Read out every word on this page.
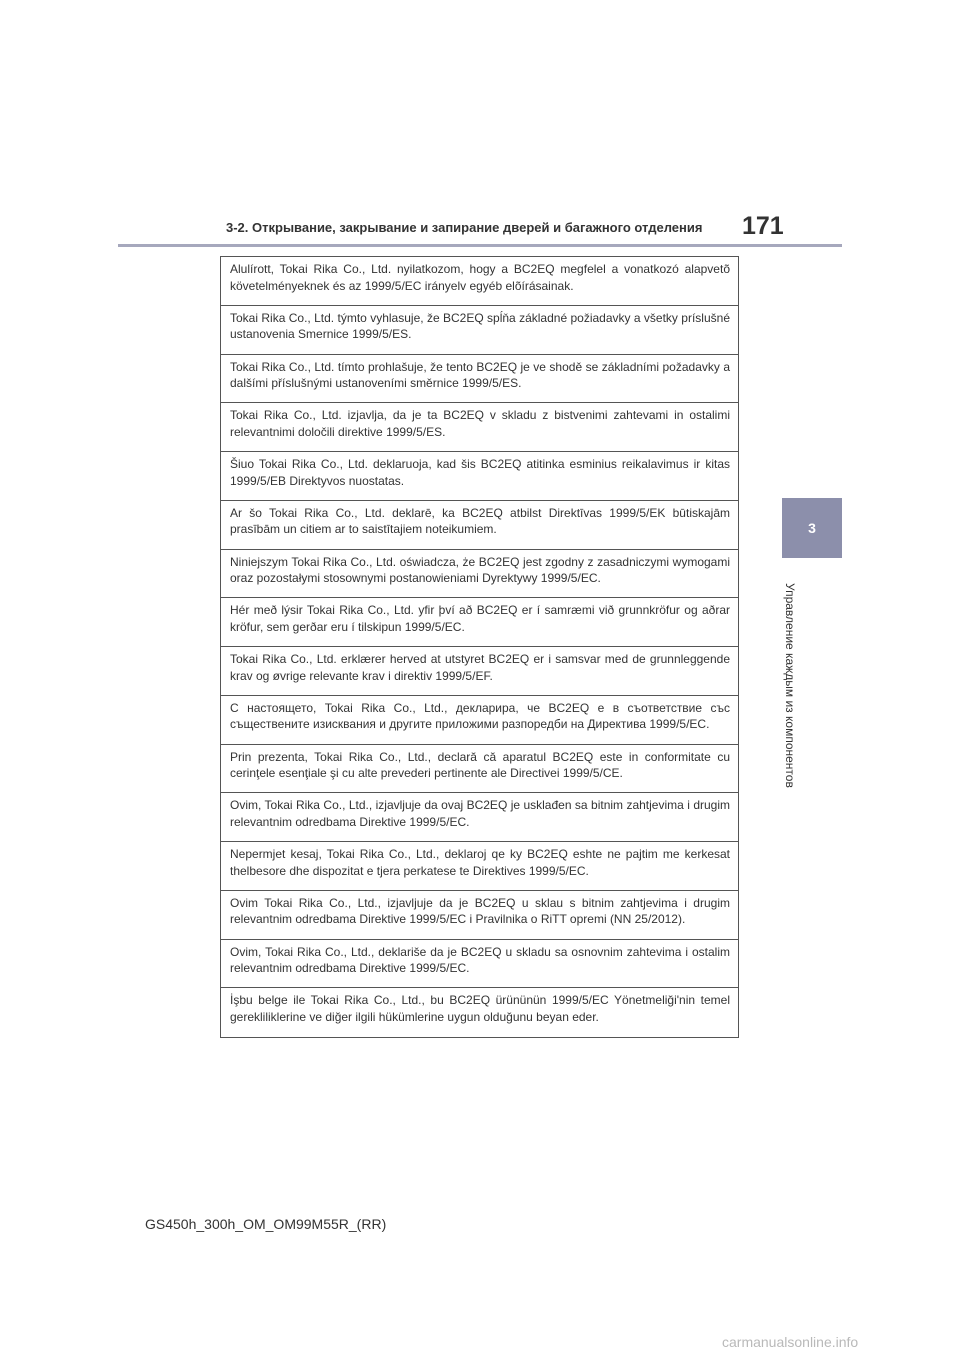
3-2. Открывание, закрывание и запирание дверей и багажного отделения 171
3
Управление каждым из компонентов
Alulírott, Tokai Rika Co., Ltd. nyilatkozom, hogy a BC2EQ megfelel a vonatkozó alapvetõ követelményeknek és az 1999/5/EC irányelv egyéb elõírásainak.
Tokai Rika Co., Ltd. týmto vyhlasuje, že BC2EQ spĺňa základné požiadavky a všetky príslušné ustanovenia Smernice 1999/5/ES.
Tokai Rika Co., Ltd. tímto prohlašuje, že tento BC2EQ je ve shodě se základními požadavky a dalšími příslušnými ustanoveními směrnice 1999/5/ES.
Tokai Rika Co., Ltd. izjavlja, da je ta BC2EQ v skladu z bistvenimi zahtevami in ostalimi relevantnimi določili direktive 1999/5/ES.
Šiuo Tokai Rika Co., Ltd. deklaruoja, kad šis BC2EQ atitinka esminius reikalavimus ir kitas 1999/5/EB Direktyvos nuostatas.
Ar šo Tokai Rika Co., Ltd. deklarē, ka BC2EQ atbilst Direktīvas 1999/5/EK būtiskajām prasībām un citiem ar to saistītajiem noteikumiem.
Niniejszym Tokai Rika Co., Ltd. oświadcza, że BC2EQ jest zgodny z zasadniczymi wymogami oraz pozostałymi stosownymi postanowieniami Dyrektywy 1999/5/EC.
Hér með lýsir Tokai Rika Co., Ltd. yfir því að BC2EQ er í samræmi við grunnkröfur og aðrar kröfur, sem gerðar eru í tilskipun 1999/5/EC.
Tokai Rika Co., Ltd. erklærer herved at utstyret BC2EQ er i samsvar med de grunnleggende krav og øvrige relevante krav i direktiv 1999/5/EF.
С настоящето, Tokai Rika Co., Ltd., декларира, че BC2EQ е в съответствие със съществените изисквания и другите приложими разпоредби на Директива 1999/5/EC.
Prin prezenta, Tokai Rika Co., Ltd., declară că aparatul BC2EQ este in conformitate cu cerinţele esenţiale şi cu alte prevederi pertinente ale Directivei 1999/5/CE.
Ovim, Tokai Rika Co., Ltd., izjavljuje da ovaj BC2EQ je usklađen sa bitnim zahtjevima i drugim relevantnim odredbama Direktive 1999/5/EC.
Nepermjet kesaj, Tokai Rika Co., Ltd., deklaroj qe ky BC2EQ eshte ne pajtim me kerkesat thelbesore dhe dispozitat e tjera perkatese te Direktives 1999/5/EC.
Ovim Tokai Rika Co., Ltd., izjavljuje da je BC2EQ u sklau s bitnim zahtjevima i drugim relevantnim odredbama Direktive 1999/5/EC i Pravilnika o RiTT opremi (NN 25/2012).
Ovim, Tokai Rika Co., Ltd., deklariše da je BC2EQ u skladu sa osnovnim zahtevima i ostalim relevantnim odredbama Direktive 1999/5/EC.
İşbu belge ile Tokai Rika Co., Ltd., bu BC2EQ ürününün 1999/5/EC Yönetmeliği'nin temel gerekliliklerine ve diğer ilgili hükümlerine uygun olduğunu beyan eder.
GS450h_300h_OM_OM99M55R_(RR)
carmanualsonline.info
